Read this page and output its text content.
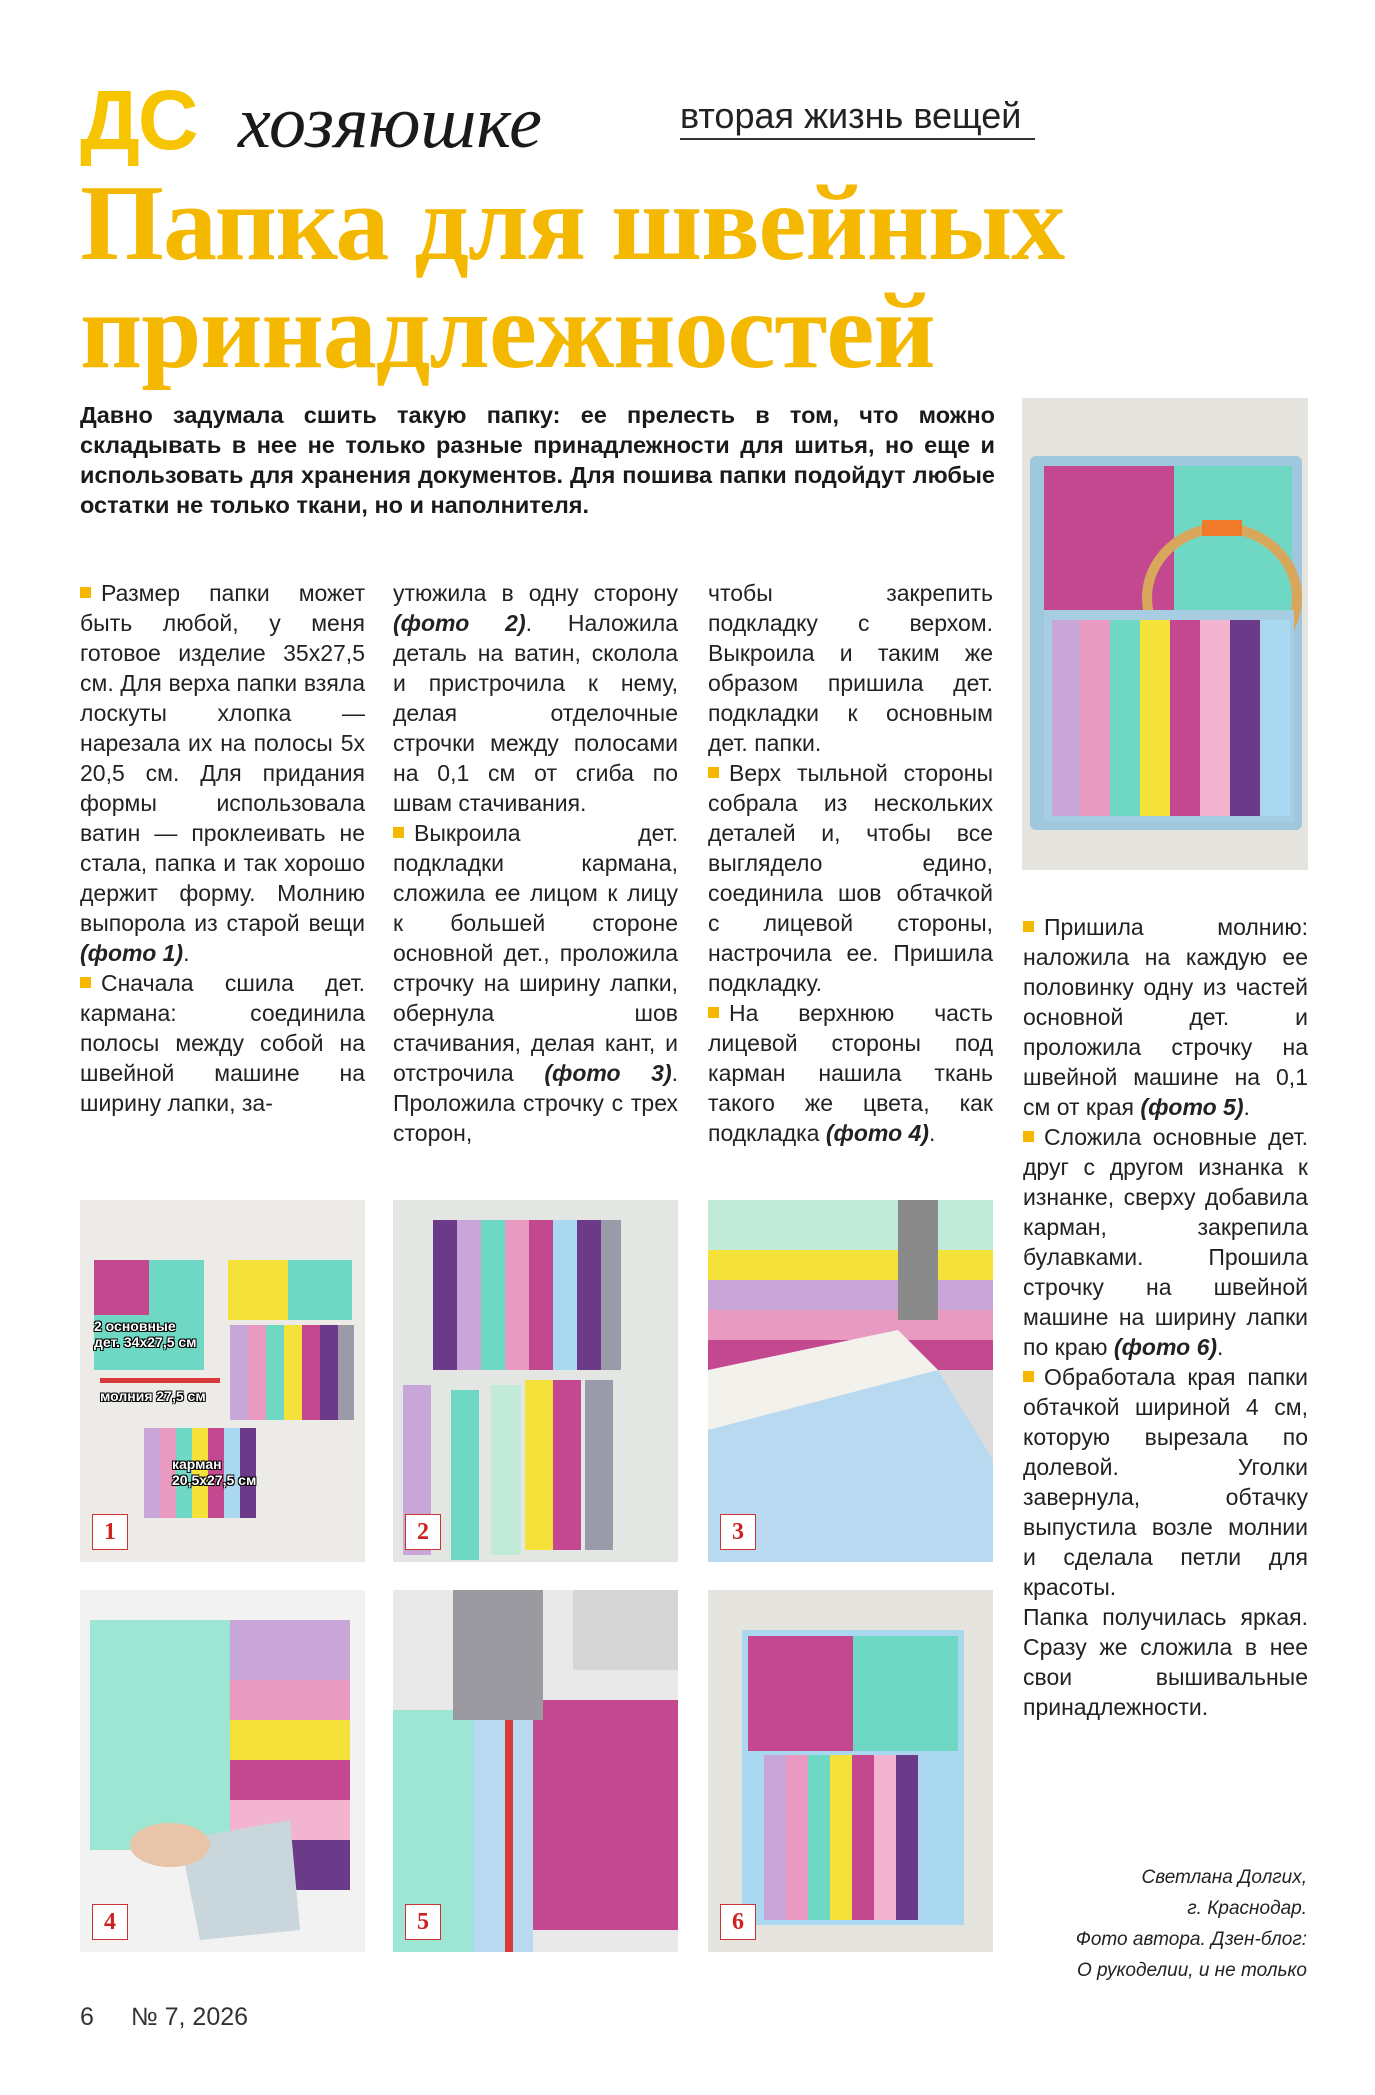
ДС хозяюшке	вторая жизнь вещей
Папка для швейных принадлежностей
Давно задумала сшить такую папку: ее прелесть в том, что можно складывать в нее не только разные принадлежности для шитья, но еще и использовать для хранения документов. Для пошива папки подойдут любые остатки не только ткани, но и наполнителя.

Размер папки может быть любой, у меня готовое изделие 35х27,5 см. Для верха папки взяла лоскуты хлопка — нарезала их на полосы 5х 20,5 см. Для придания формы использовала ватин — проклеивать не стала, папка и так хорошо держит форму. Молнию выпорола из старой вещи (фото 1).

Сначала сшила дет. кармана: соединила полосы между собой на швейной машине на ширину лапки, за-

утюжила в одну сторону (фото 2). Наложила деталь на ватин, сколола и пристрочила к нему, делая отделочные строчки между полосами на 0,1 см от сгиба по швам стачивания.

Выкроила дет. подкладки кармана, сложила ее лицом к лицу к большей стороне основной дет., проложила строчку на ширину лапки, обернула шов стачивания, делая кант, и отстрочила (фото 3). Проложила строчку с трех сторон,

чтобы закрепить подкладку с верхом. Выкроила и таким же образом пришила дет. подкладки к основным дет. папки.

Верх тыльной стороны собрала из нескольких деталей и, чтобы все выглядело едино, соединила шов обтачкой с лицевой стороны, настрочила ее. Пришила подкладку.

На верхнюю часть лицевой стороны под карман нашила ткань такого же цвета, как подкладка (фото 4).

Пришила молнию: наложила на каждую ее половинку одну из частей основной дет. и проложила строчку на швейной машине на 0,1 см от края (фото 5).

Сложила основные дет. друг с другом изнанка к изнанке, сверху добавила карман, закрепила булавками. Прошила строчку на швейной машине на ширину лапки по краю (фото 6).

Обработала края папки обтачкой шириной 4 см, которую вырезала по долевой. Уголки завернула, обтачку выпустила возле молнии и сделала петли для красоты.

Папка получилась яркая. Сразу же сложила в нее свои вышивальные принадлежности.

Светлана Долгих,
г. Краснодар.
Фото автора. Дзен-блог:
О рукоделии, и не только
2 основные
дет. 34х27,5 см
молния 27,5 см
карман
20,5х27,5 см
1	2	3
4	5	6
6 № 7, 2026
